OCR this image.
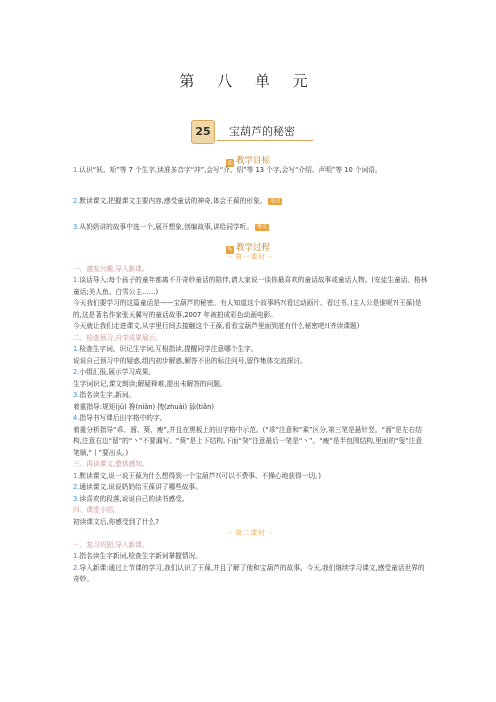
第 八 单 元
25	宝葫芦的秘密
◎ 教学目标

1.认识“妖、矩”等 7 个生字,读准多音字“冲”,会写“介、绍”等 13 个字,会写“介绍、声明”等 10 个词语。

2.默读课文,把握课文主要内容,感受童话的神奇,体会王葆的形象。 重点

3.从奶奶讲的故事中选一个,展开想象,创编故事,讲给同学听。 难点

✎ 教学过程

- 第一课时 -

一、激发兴趣,导入新课。

1.谈话导入:每个孩子的童年都离不开奇妙童话的陪伴,请大家说一谈你最喜欢的童话故事或童话人物。(安徒生童话、格林童话;美人鱼、白雪公主……)

今天我们要学习的这篇童话是——宝葫芦的秘密。有人知道这个故事吗?(看过动画片、看过书。)主人公是谁呢?(王葆)是的,这是著名作家张天翼写的童话故事,2007 年被拍成彩色动画电影。

今天就让我们走进课文,从字里行间去接触这个王葆,看看宝葫芦里面到底有什么秘密吧!(齐读课题)

二、检查预习,自学成果展示。

1.检查生字词。识记生字词,互相指读,提醒同学注意哪个生字。

说说自己预习中的疑惑,组内初步解惑,解答不出的标注问号,留作集体交流探讨。

2.小组汇报,展示学习成果。

生字词识记,课文朗读;解疑释难,提出未解答的问题。

3.指名读生字,新词。

着重指导:规矩(jǔ) 搀(niǎn) 拽(zhuài) 舔(tiǎn)

4.指导书写课后田字格中的字。

着重分析指导“乖、溜、葵、瘦”,并且在黑板上的田字格中示范。(“乖”注意和“乘”区分,第三笔是悬针竖。“溜”是左右结构,注意右边“留”的“丶”不要漏写。“葵”是上下结构,下面“癸”注意最后一笔是“丶”。“瘦”是半包围结构,里面的“叟”注意笔顺,“丨”要出头。)

三、再读课文,整体感知。

1.默读课文,说一说王葆为什么想得到一个宝葫芦?(可以不费事、不操心地获得一切。)

2.通读课文,说说奶奶给王葆讲了哪些故事。

3.读喜欢的段落,说说自己的读书感受。

四、课堂小结。

初读课文后,你感受到了什么?

- 第二课时 -

一、复习巩固,导入新课。

1.指名读生字新词,检查生字新词掌握情况。

2.导入新课:通过上节课的学习,我们认识了王葆,并且了解了他和宝葫芦的故事。今天,我们继续学习课文,感受童话世界的奇妙。
